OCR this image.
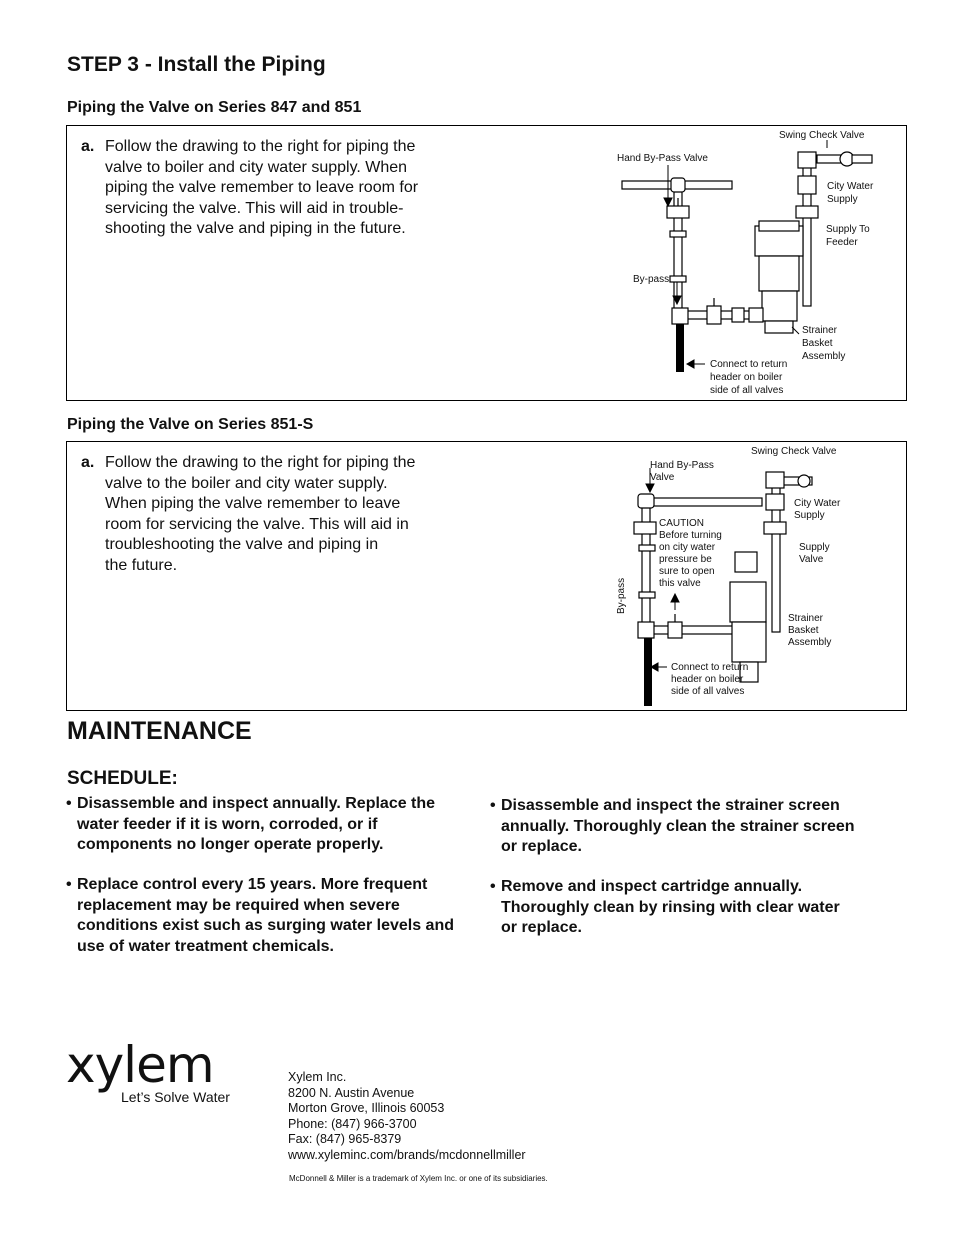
STEP 3 - Install the Piping
Piping the Valve on Series 847 and 851
a. Follow the drawing to the right for piping the
valve to boiler and city water supply. When
piping the valve remember to leave room for
servicing the valve. This will aid in trouble-
shooting the valve and piping in the future.
Swing Check Valve
Hand By-Pass Valve
City Water
Supply
Supply To
Feeder
By-pass
Strainer
Basket
Assembly
Connect to return
header on boiler
side of all valves
Piping the Valve on Series 851-S
a. Follow the drawing to the right for piping the
valve to the boiler and city water supply.
When piping the valve remember to leave
room for servicing the valve. This will aid in
troubleshooting the valve and piping in
the future.
Swing Check Valve
Hand By-Pass
Valve
City Water
Supply
CAUTION
Before turning
on city water
pressure be
sure to open
this valve
Supply
Valve
By-pass
Strainer
Basket
Assembly
Connect to return
header on boiler
side of all valves
MAINTENANCE
SCHEDULE:
• Disassemble and inspect annually. Replace the
water feeder if it is worn, corroded, or if
components no longer operate properly.
• Replace control every 15 years. More frequent
replacement may be required when severe
conditions exist such as surging water levels and
use of water treatment chemicals.
• Disassemble and inspect the strainer screen
annually. Thoroughly clean the strainer screen
or replace.
• Remove and inspect cartridge annually.
Thoroughly clean by rinsing with clear water
or replace.
xylem
Let’s Solve Water
Xylem Inc.
8200 N. Austin Avenue
Morton Grove, Illinois 60053
Phone: (847) 966-3700
Fax: (847) 965-8379
www.xyleminc.com/brands/mcdonnellmiller
McDonnell & Miller is a trademark of Xylem Inc. or one of its subsidiaries.
